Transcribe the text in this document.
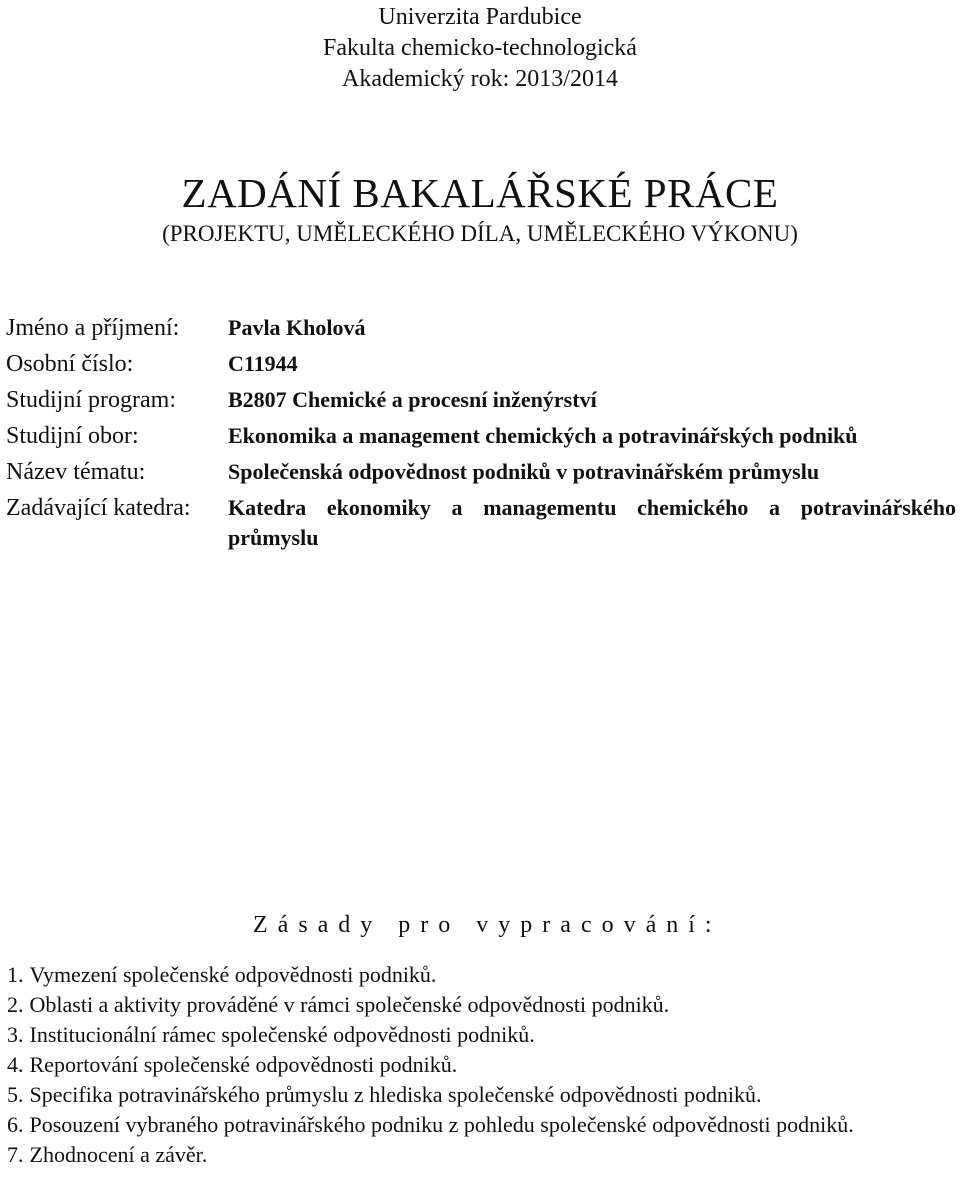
Univerzita Pardubice
Fakulta chemicko-technologická
Akademický rok: 2013/2014
ZADÁNÍ BAKALÁŘSKÉ PRÁCE
(PROJEKTU, UMĚLECKÉHO DÍLA, UMĚLECKÉHO VÝKONU)
Jméno a příjmení:	Pavla Kholová
Osobní číslo:	C11944
Studijní program:	B2807 Chemické a procesní inženýrství
Studijní obor:	Ekonomika a management chemických a potravinářských podniků
Název tématu:	Společenská odpovědnost podniků v potravinářském průmyslu
Zadávající katedra:	Katedra ekonomiky a managementu chemického a potravinářského průmyslu
Zásady pro vypracování:
1. Vymezení společenské odpovědnosti podniků.
2. Oblasti a aktivity prováděné v rámci společenské odpovědnosti podniků.
3. Institucionální rámec společenské odpovědnosti podniků.
4. Reportování společenské odpovědnosti podniků.
5. Specifika potravinářského průmyslu z hlediska společenské odpovědnosti podniků.
6. Posouzení vybraného potravinářského podniku z pohledu společenské odpovědnosti podniků.
7. Zhodnocení a závěr.
